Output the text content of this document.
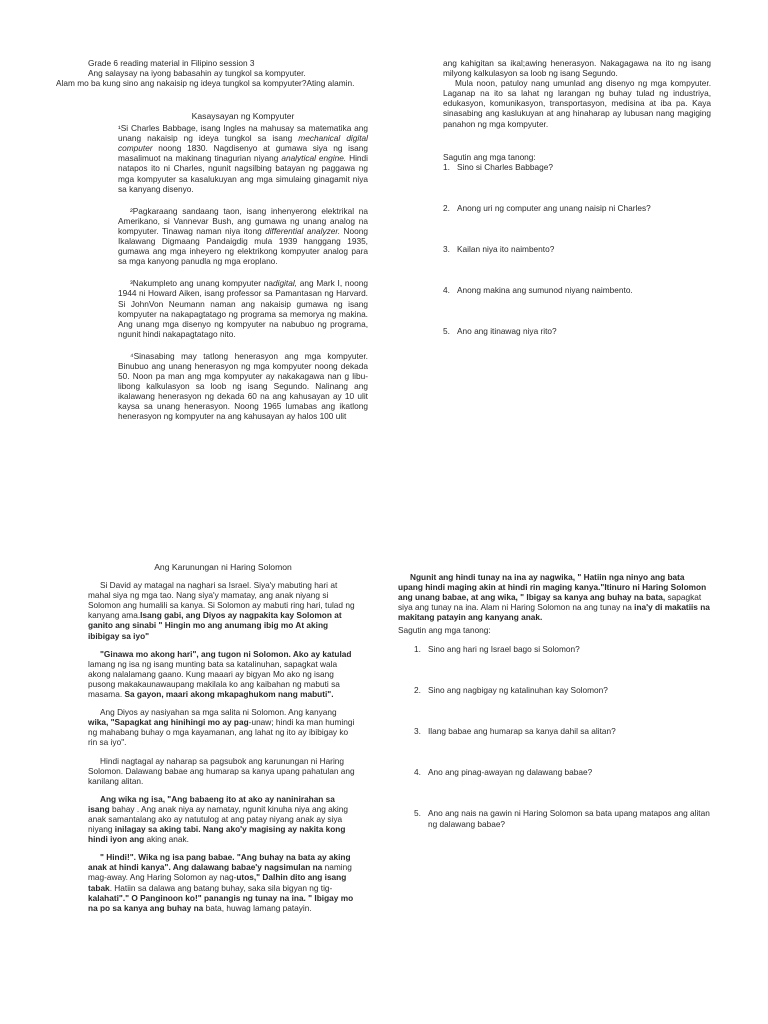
Grade 6 reading material in Filipino session 3
Ang salaysay na iyong babasahin ay tungkol sa kompyuter.
Alam mo ba kung sino ang nakaisip ng ideya tungkol sa kompyuter?Ating alamin.
Kasaysayan ng Kompyuter

¹Si Charles Babbage, isang Ingles na mahusay sa matematika ang unang nakaisip ng ideya tungkol sa isang mechanical digital computer noong 1830. Nagdisenyo at gumawa siya ng isang masalimuot na makinang tinagurian niyang analytical engine. Hindi natapos ito ni Charles, ngunit nagsilbing batayan ng paggawa ng mga kompyuter sa kasalukuyan ang mga simulaing ginagamit niya sa kanyang disenyo.

²Pagkaraang sandaang taon, isang inhenyerong elektrikal na Amerikano, si Vannevar Bush, ang gumawa ng unang analog na kompyuter. Tinawag naman niya itong differential analyzer. Noong Ikalawang Digmaang Pandaigdig mula 1939 hanggang 1935, gumawa ang mga inheyero ng elektrikong kompyuter analog para sa mga kanyong panudla ng mga eroplano.

³Nakumpleto ang unang kompyuter nadigital, ang Mark I, noong 1944 ni Howard Aiken, isang professor sa Pamantasan ng Harvard. Si JohnVon Neumann naman ang nakaisip gumawa ng isang kompyuter na nakapagtatago ng programa sa memorya ng makina. Ang unang mga disenyo ng kompyuter na nabubuo ng programa, ngunit hindi nakapagtatago nito.

⁴Sinasabing may tatlong henerasyon ang mga kompyuter. Binubuo ang unang henerasyon ng mga kompyuter noong dekada 50. Noon pa man ang mga kompyuter ay nakakagawa nan g libu-libong kalkulasyon sa loob ng isang Segundo. Nalinang ang ikalawang henerasyon ng dekada 60 na ang kahusayan ay 10 ulit kaysa sa unang henerasyon. Noong 1965 lumabas ang ikatlong henerasyon ng kompyuter na ang kahusayan ay halos 100 ulit

ang kahigitan sa ikal;awing henerasyon. Nakagagawa na ito ng isang milyong kalkulasyon sa loob ng isang Segundo.

Mula noon, patuloy nang umunlad ang disenyo ng mga kompyuter. Laganap na ito sa lahat ng larangan ng buhay tulad ng industriya, edukasyon, komunikasyon, transportasyon, medisina at iba pa. Kaya sinasabing ang kaslukuyan at ang hinaharap ay lubusan nang magiging panahon ng mga kompyuter.

Sagutin ang mga tanong:
1. Sino si Charles Babbage?
2. Anong uri ng computer ang unang naisip ni Charles?
3. Kailan niya ito naimbento?
4. Anong makina ang sumunod niyang naimbento.
5. Ano ang itinawag niya rito?
Ang Karunungan ni Haring Solomon

Si David ay matagal na naghari sa Israel. Siya'y mabuting hari at mahal siya ng mga tao. Nang siya'y mamatay, ang anak niyang si Solomon ang humalili sa kanya. Si Solomon ay mabuti ring hari, tulad ng kanyang ama.Isang gabi, ang Diyos ay nagpakita kay Solomon at ganito ang sinabi " Hingin mo ang anumang ibig mo At aking ibibigay sa iyo"

"Ginawa mo akong hari", ang tugon ni Solomon. Ako ay katulad lamang ng isa ng isang munting bata sa katalinuhan, sapagkat wala akong nalalamang gaano. Kung maaari ay bigyan Mo ako ng isang pusong makakaunawaupang makilala ko ang kaibahan ng mabuti sa masama. Sa gayon, maari akong mkapaghukom nang mabuti".

Ang Diyos ay nasiyahan sa mga salita ni Solomon. Ang kanyang wika, "Sapagkat ang hinihingi mo ay pag-unaw; hindi ka man humingi ng mahabang buhay o mga kayamanan, ang lahat ng ito ay ibibigay ko rin sa iyo".

Hindi nagtagal ay naharap sa pagsubok ang karunungan ni Haring Solomon. Dalawang babae ang humarap sa kanya upang pahatulan ang kanilang alitan.

Ang wika ng isa, "Ang babaeng ito at ako ay naninirahan sa isang bahay . Ang anak niya ay namatay, ngunit kinuha niya ang aking anak samantalang ako ay natutulog at ang patay niyang anak ay siya niyang inilagay sa aking tabi. Nang ako'y magising ay nakita kong hindi iyon ang aking anak.

" Hindi!". Wika ng isa pang babae. "Ang buhay na bata ay aking anak at hindi kanya". Ang dalawang babae'y nagsimulan na naming mag-away. Ang Haring Solomon ay nag-utos," Dalhin dito ang isang tabak. Hatiin sa dalawa ang batang buhay, saka sila bigyan ng tig-kalahati"." O Panginoon ko!" panangis ng tunay na ina. " Ibigay mo na po sa kanya ang buhay na bata, huwag lamang patayin.

Ngunit ang hindi tunay na ina ay nagwika, " Hatiin nga ninyo ang bata upang hindi maging akin at hindi rin maging kanya."Itinuro ni Haring Solomon ang unang babae, at ang wika, " Ibigay sa kanya ang buhay na bata, sapagkat siya ang tunay na ina. Alam ni Haring Solomon na ang tunay na ina'y di makatiis na makitang patayin ang kanyang anak.

Sagutin ang mga tanong:
1. Sino ang hari ng Israel bago si Solomon?
2. Sino ang nagbigay ng katalinuhan kay Solomon?
3. Ilang babae ang humarap sa kanya dahil sa alitan?
4. Ano ang pinag-awayan ng dalawang babae?
5. Ano ang nais na gawin ni Haring Solomon sa bata upang matapos ang alitan ng dalawang babae?
